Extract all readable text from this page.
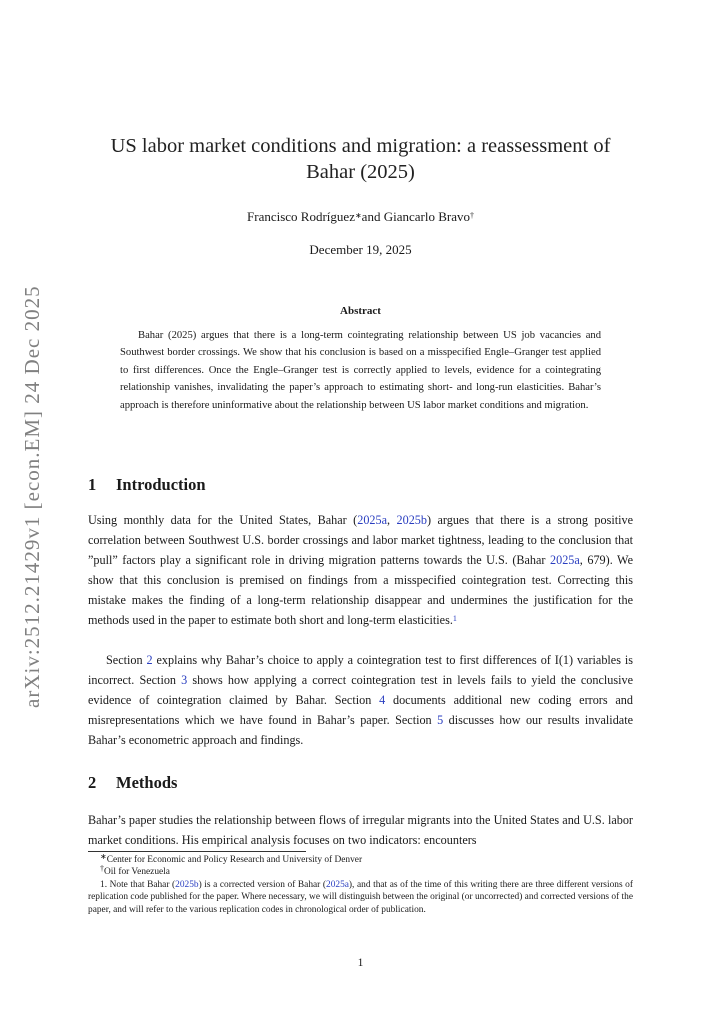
arXiv:2512.21429v1 [econ.EM] 24 Dec 2025
US labor market conditions and migration: a reassessment of
Bahar (2025)
Francisco Rodríguez∗and Giancarlo Bravo†
December 19, 2025
Abstract

Bahar (2025) argues that there is a long-term cointegrating relationship between US job vacancies and Southwest border crossings. We show that his conclusion is based on a misspecified Engle–Granger test applied to first differences. Once the Engle–Granger test is correctly applied to levels, evidence for a cointegrating relationship vanishes, invalidating the paper’s approach to estimating short- and long-run elasticities. Bahar’s approach is therefore uninformative about the relationship between US labor market conditions and migration.

1 Introduction

Using monthly data for the United States, Bahar (2025a, 2025b) argues that there is a strong positive correlation between Southwest U.S. border crossings and labor market tightness, leading to the conclusion that ”pull” factors play a significant role in driving migration patterns towards the U.S. (Bahar 2025a, 679). We show that this conclusion is premised on findings from a misspecified cointegration test. Correcting this mistake makes the finding of a long-term relationship disappear and undermines the justification for the methods used in the paper to estimate both short and long-term elasticities.$^1$

Section 2 explains why Bahar’s choice to apply a cointegration test to first differences of I(1) variables is incorrect. Section 3 shows how applying a correct cointegration test in levels fails to yield the conclusive evidence of cointegration claimed by Bahar. Section 4 documents additional new coding errors and misrepresentations which we have found in Bahar’s paper. Section 5 discusses how our results invalidate Bahar’s econometric approach and findings.

2 Methods

Bahar’s paper studies the relationship between flows of irregular migrants into the United States and U.S. labor market conditions. His empirical analysis focuses on two indicators: encounters

∗Center for Economic and Policy Research and University of Denver

†Oil for Venezuela

1. Note that Bahar (2025b) is a corrected version of Bahar (2025a), and that as of the time of this writing there are three different versions of replication code published for the paper. Where necessary, we will distinguish between the original (or uncorrected) and corrected versions of the paper, and will refer to the various replication codes in chronological order of publication.

1
